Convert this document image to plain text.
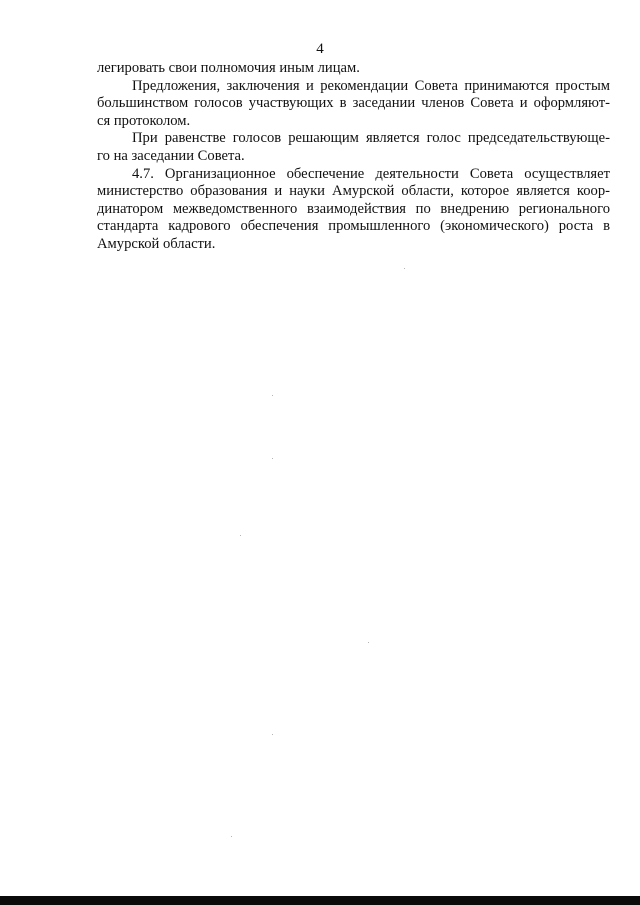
4
легировать свои полномочия иным лицам.
Предложения, заключения и рекомендации Совета принимаются простым
большинством голосов участвующих в заседании членов Совета и оформляют-
ся протоколом.
При равенстве голосов решающим является голос председательствующе-
го на заседании Совета.
4.7. Организационное обеспечение деятельности Совета осуществляет
министерство образования и науки Амурской области, которое является коор-
динатором межведомственного взаимодействия по внедрению регионального
стандарта кадрового обеспечения промышленного (экономического) роста в
Амурской области.
